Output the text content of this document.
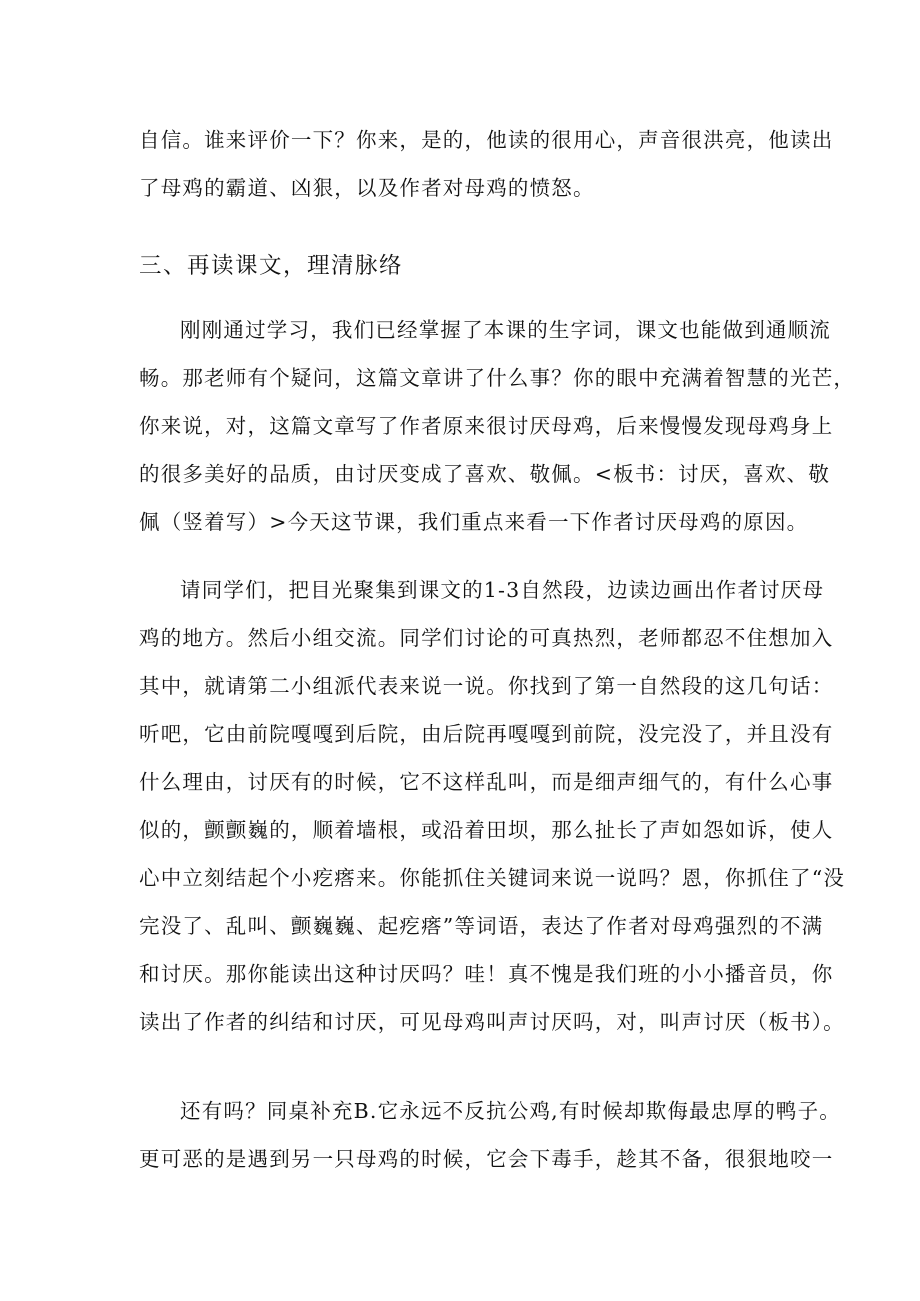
自信。谁来评价一下？你来，是的，他读的很用心，声音很洪亮，他读出
了母鸡的霸道、凶狠，以及作者对母鸡的愤怒。
三、再读课文，理清脉络
刚刚通过学习，我们已经掌握了本课的生字词，课文也能做到通顺流
畅。那老师有个疑问，这篇文章讲了什么事？你的眼中充满着智慧的光芒，
你来说，对，这篇文章写了作者原来很讨厌母鸡，后来慢慢发现母鸡身上
的很多美好的品质，由讨厌变成了喜欢、敬佩。<板书：讨厌，喜欢、敬
佩（竖着写）>今天这节课，我们重点来看一下作者讨厌母鸡的原因。
请同学们，把目光聚集到课文的1-3自然段，边读边画出作者讨厌母
鸡的地方。然后小组交流。同学们讨论的可真热烈，老师都忍不住想加入
其中，就请第二小组派代表来说一说。你找到了第一自然段的这几句话：
听吧，它由前院嘎嘎到后院，由后院再嘎嘎到前院，没完没了，并且没有
什么理由，讨厌有的时候，它不这样乱叫，而是细声细气的，有什么心事
似的，颤颤巍的，顺着墙根，或沿着田坝，那么扯长了声如怨如诉，使人
心中立刻结起个小疙瘩来。你能抓住关键词来说一说吗？恩，你抓住了“没
完没了、乱叫、颤巍巍、起疙瘩”等词语，表达了作者对母鸡强烈的不满
和讨厌。那你能读出这种讨厌吗？哇！真不愧是我们班的小小播音员，你
读出了作者的纠结和讨厌，可见母鸡叫声讨厌吗，对，叫声讨厌（板书）。
还有吗？同桌补充B.它永远不反抗公鸡,有时候却欺侮最忠厚的鸭子。
更可恶的是遇到另一只母鸡的时候，它会下毒手，趁其不备，很狠地咬一
